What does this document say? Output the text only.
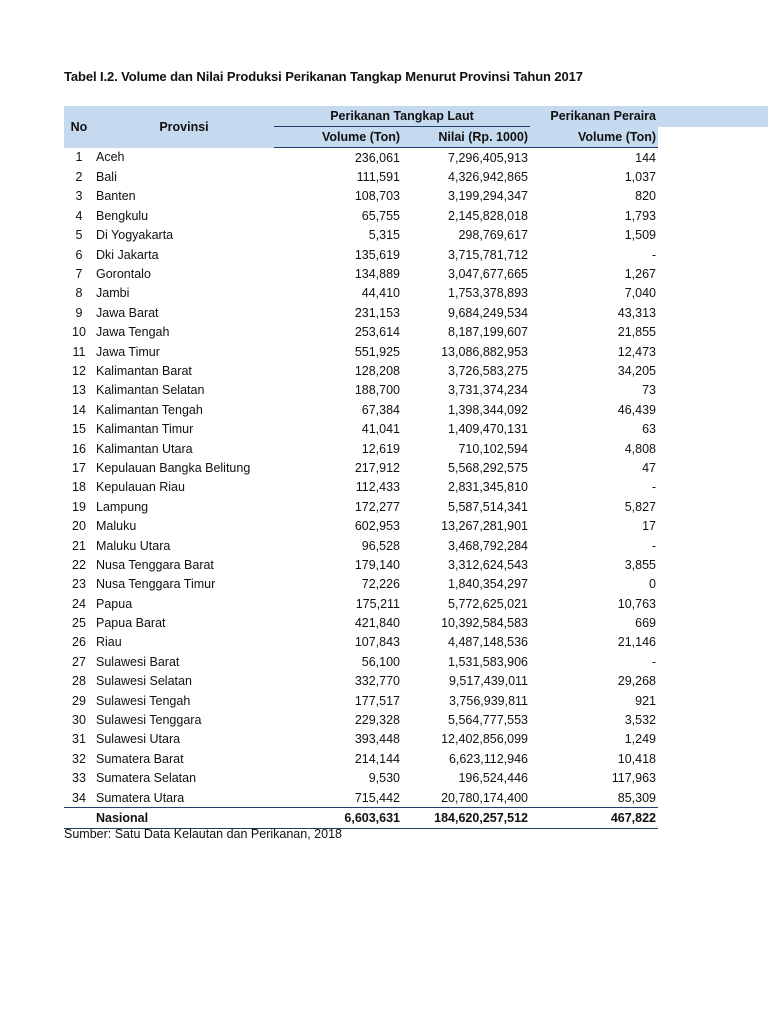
Tabel I.2. Volume dan Nilai Produksi Perikanan Tangkap Menurut Provinsi Tahun 2017
No	Provinsi	Perikanan Tangkap Laut		Perikanan Peraira	
		Volume (Ton)	Nilai (Rp. 1000)	Volume (Ton)	
1	Aceh	236,061	7,296,405,913	144	
2	Bali	111,591	4,326,942,865	1,037	
3	Banten	108,703	3,199,294,347	820	
4	Bengkulu	65,755	2,145,828,018	1,793	
5	Di Yogyakarta	5,315	298,769,617	1,509	
6	Dki Jakarta	135,619	3,715,781,712	-	
7	Gorontalo	134,889	3,047,677,665	1,267	
8	Jambi	44,410	1,753,378,893	7,040	
9	Jawa Barat	231,153	9,684,249,534	43,313	
10	Jawa Tengah	253,614	8,187,199,607	21,855	
11	Jawa Timur	551,925	13,086,882,953	12,473	
12	Kalimantan Barat	128,208	3,726,583,275	34,205	
13	Kalimantan Selatan	188,700	3,731,374,234	73	
14	Kalimantan Tengah	67,384	1,398,344,092	46,439	
15	Kalimantan Timur	41,041	1,409,470,131	63	
16	Kalimantan Utara	12,619	710,102,594	4,808	
17	Kepulauan Bangka Belitung	217,912	5,568,292,575	47	
18	Kepulauan Riau	112,433	2,831,345,810	-	
19	Lampung	172,277	5,587,514,341	5,827	
20	Maluku	602,953	13,267,281,901	17	
21	Maluku Utara	96,528	3,468,792,284	-	
22	Nusa Tenggara Barat	179,140	3,312,624,543	3,855	
23	Nusa Tenggara Timur	72,226	1,840,354,297	0	
24	Papua	175,211	5,772,625,021	10,763	
25	Papua Barat	421,840	10,392,584,583	669	
26	Riau	107,843	4,487,148,536	21,146	
27	Sulawesi Barat	56,100	1,531,583,906	-	
28	Sulawesi Selatan	332,770	9,517,439,011	29,268	
29	Sulawesi Tengah	177,517	3,756,939,811	921	
30	Sulawesi Tenggara	229,328	5,564,777,553	3,532	
31	Sulawesi Utara	393,448	12,402,856,099	1,249	
32	Sumatera Barat	214,144	6,623,112,946	10,418	
33	Sumatera Selatan	9,530	196,524,446	117,963	
34	Sumatera Utara	715,442	20,780,174,400	85,309	
	Nasional	6,603,631	184,620,257,512	467,822	
Sumber: Satu Data Kelautan dan Perikanan, 2018
